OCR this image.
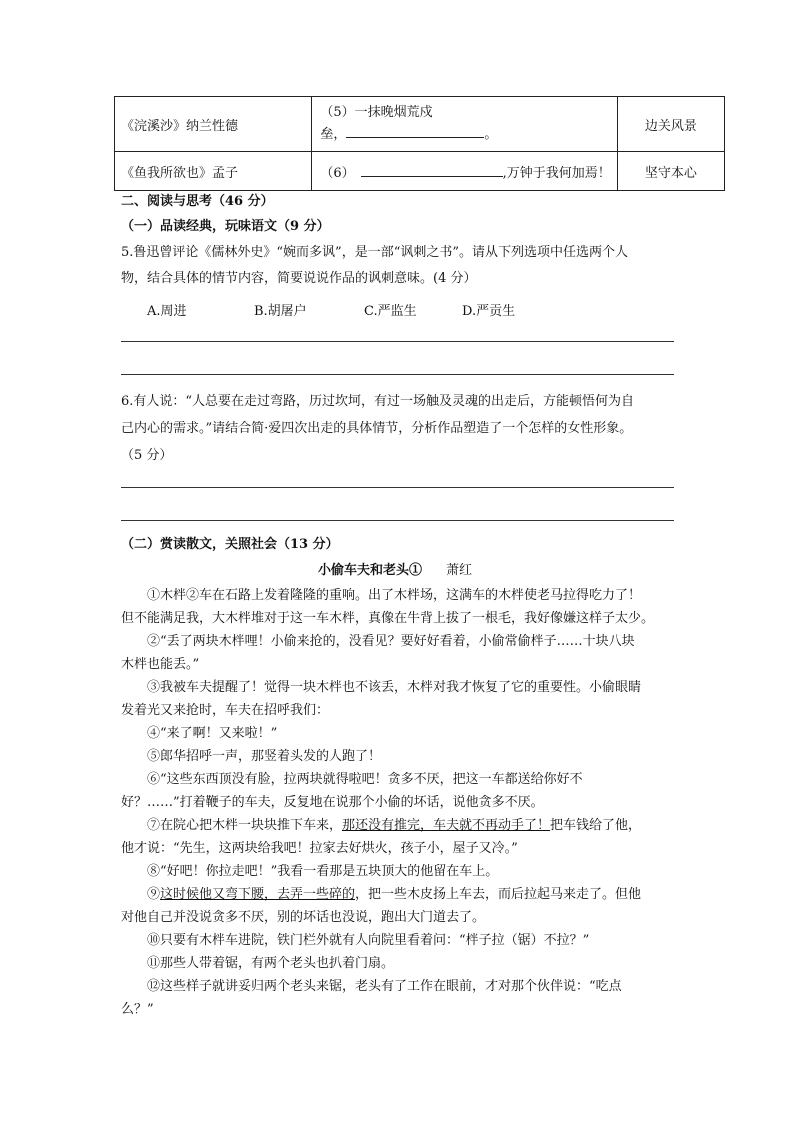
《浣溪沙》纳兰性德	（5）一抹晚烟荒戍
垒， 。	边关风景
《鱼我所欲也》孟子	（6） ,万钟于我何加焉！	坚守本心
二、阅读与思考（46 分）
（一）品读经典，玩味语文（9 分）
5.鲁迅曾评论《儒林外史》“婉而多讽”，是一部“讽刺之书”。请从下列选项中任选两个人
物，结合具体的情节内容，简要说说作品的讽刺意味。(4 分）
A.周进	B.胡屠户	C.严监生	D.严贡生
6.有人说：“人总要在走过弯路，历过坎坷，有过一场触及灵魂的出走后，方能顿悟何为自
己内心的需求。”请结合简·爱四次出走的具体情节，分析作品塑造了一个怎样的女性形象。
（5 分）
（二）赏读散文，关照社会（13 分）
小偷车夫和老头① 萧红
①木柈②车在石路上发着隆隆的重响。出了木柈场，这满车的木柈使老马拉得吃力了！
但不能满足我，大木柈堆对于这一车木柈，真像在牛背上拔了一根毛，我好像嫌这样子太少。
②“丢了两块木柈哩！小偷来抢的，没看见？要好好看着，小偷常偷柈子……十块八块
木柈也能丢。”
③我被车夫提醒了！觉得一块木柈也不该丢，木柈对我才恢复了它的重要性。小偷眼睛
发着光又来抢时，车夫在招呼我们：
④“来了啊！又来啦！”
⑤郎华招呼一声，那竖着头发的人跑了！
⑥“这些东西顶没有脸，拉两块就得啦吧！贪多不厌，把这一车都送给你好不
好？……”打着鞭子的车夫，反复地在说那个小偷的坏话，说他贪多不厌。
⑦在院心把木柈一块块推下车来，那还没有推完，车夫就不再动手了！把车钱给了他，
他才说：“先生，这两块给我吧！拉家去好烘火，孩子小，屋子又冷。”
⑧“好吧！你拉走吧！”我看一看那是五块顶大的他留在车上。
⑨这时候他又弯下腰，去弄一些碎的，把一些木皮扬上车去，而后拉起马来走了。但他
对他自己并没说贪多不厌，别的坏话也没说，跑出大门道去了。
⑩只要有木柈车进院，铁门栏外就有人向院里看着问：“柈子拉（锯）不拉？”
⑪那些人带着锯，有两个老头也扒着门扇。
⑫这些样子就讲妥归两个老头来锯，老头有了工作在眼前，才对那个伙伴说：“吃点
么？”
